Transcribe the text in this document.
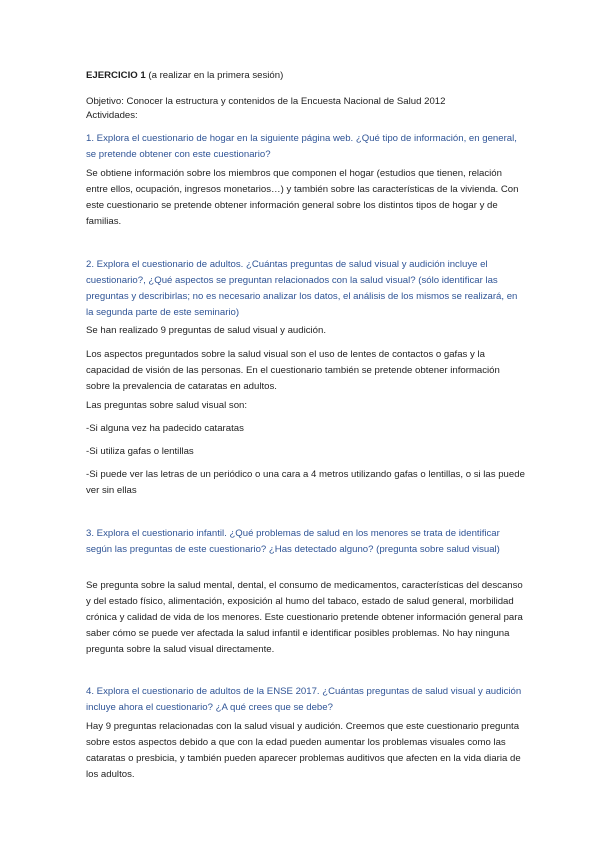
EJERCICIO 1 (a realizar en la primera sesión)

Objetivo: Conocer la estructura y contenidos de la Encuesta Nacional de Salud 2012

Actividades:

1. Explora el cuestionario de hogar en la siguiente página web. ¿Qué tipo de información, en general, se pretende obtener con este cuestionario?

Se obtiene información sobre los miembros que componen el hogar (estudios que tienen, relación entre ellos, ocupación, ingresos monetarios…) y también sobre las características de la vivienda. Con este cuestionario se pretende obtener información general sobre los distintos tipos de hogar y de familias.

2. Explora el cuestionario de adultos. ¿Cuántas preguntas de salud visual y audición incluye el cuestionario?, ¿Qué aspectos se preguntan relacionados con la salud visual? (sólo identificar las preguntas y describirlas; no es necesario analizar los datos, el análisis de los mismos se realizará, en la segunda parte de este seminario)

Se han realizado 9 preguntas de salud visual y audición.

Los aspectos preguntados sobre la salud visual son el uso de lentes de contactos o gafas y la capacidad de visión de las personas. En el cuestionario también se pretende obtener información sobre la prevalencia de cataratas en adultos.

Las preguntas sobre salud visual son:

-Si alguna vez ha padecido cataratas

-Si utiliza gafas o lentillas

-Si puede ver las letras de un periódico o una cara a 4 metros utilizando gafas o lentillas, o si las puede ver sin ellas

3. Explora el cuestionario infantil. ¿Qué problemas de salud en los menores se trata de identificar según las preguntas de este cuestionario? ¿Has detectado alguno? (pregunta sobre salud visual)

Se pregunta sobre la salud mental, dental, el consumo de medicamentos, características del descanso y del estado físico, alimentación, exposición al humo del tabaco, estado de salud general, morbilidad crónica y calidad de vida de los menores. Este cuestionario pretende obtener información general para saber cómo se puede ver afectada la salud infantil e identificar posibles problemas. No hay ninguna pregunta sobre la salud visual directamente.

4. Explora el cuestionario de adultos de la ENSE 2017. ¿Cuántas preguntas de salud visual y audición incluye ahora el cuestionario? ¿A qué crees que se debe?

Hay 9 preguntas relacionadas con la salud visual y audición. Creemos que este cuestionario pregunta sobre estos aspectos debido a que con la edad pueden aumentar los problemas visuales como las cataratas o presbicia, y también pueden aparecer problemas auditivos que afecten en la vida diaria de los adultos.
